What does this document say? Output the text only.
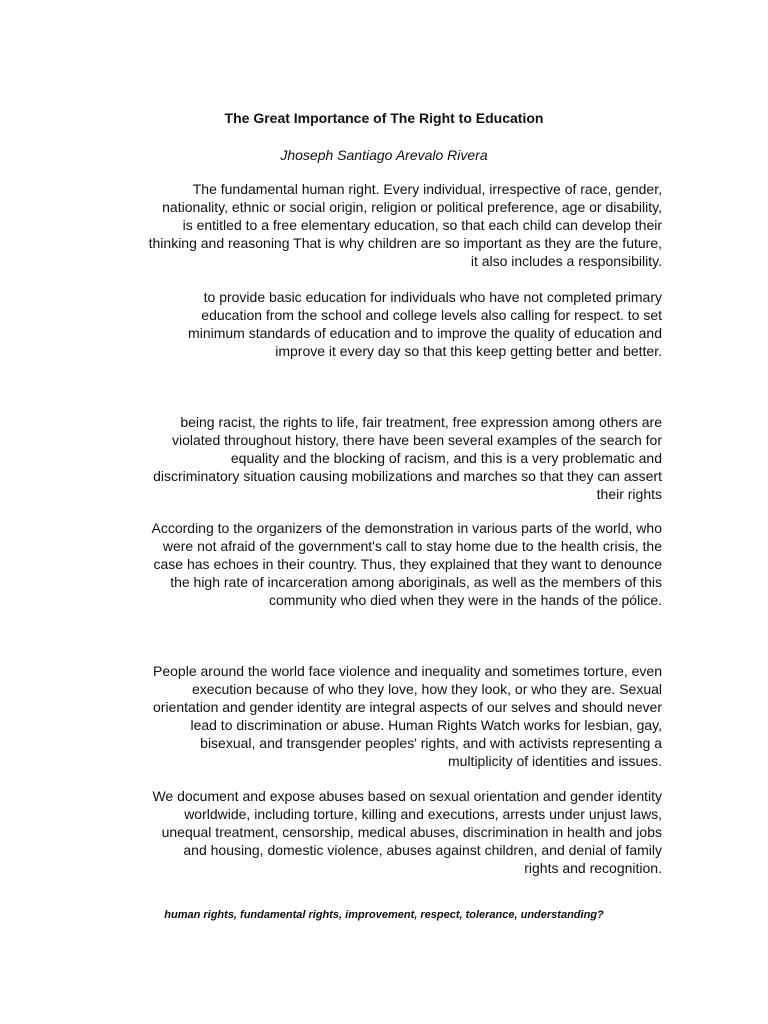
The Great Importance of The Right to Education
Jhoseph Santiago Arevalo Rivera

The fundamental human right. Every individual, irrespective of race, gender,
nationality, ethnic or social origin, religion or political preference, age or disability,
is entitled to a free elementary education, so that each child can develop their
thinking and reasoning That is why children are so important as they are the future,
it also includes a responsibility.

to provide basic education for individuals who have not completed primary
education from the school and college levels also calling for respect. to set
minimum standards of education and to improve the quality of education and
improve it every day so that this keep getting better and better.

being racist, the rights to life, fair treatment, free expression among others are
violated throughout history, there have been several examples of the search for
equality and the blocking of racism, and this is a very problematic and
discriminatory situation causing mobilizations and marches so that they can assert
their rights

According to the organizers of the demonstration in various parts of the world, who
were not afraid of the government's call to stay home due to the health crisis, the
case has echoes in their country. Thus, they explained that they want to denounce
the high rate of incarceration among aboriginals, as well as the members of this
community who died when they were in the hands of the pólice.

People around the world face violence and inequality and sometimes torture, even
execution because of who they love, how they look, or who they are. Sexual
orientation and gender identity are integral aspects of our selves and should never
lead to discrimination or abuse. Human Rights Watch works for lesbian, gay,
bisexual, and transgender peoples' rights, and with activists representing a
multiplicity of identities and issues.

We document and expose abuses based on sexual orientation and gender identity
worldwide, including torture, killing and executions, arrests under unjust laws,
unequal treatment, censorship, medical abuses, discrimination in health and jobs
and housing, domestic violence, abuses against children, and denial of family
rights and recognition.

human rights, fundamental rights, improvement, respect, tolerance, understanding?
